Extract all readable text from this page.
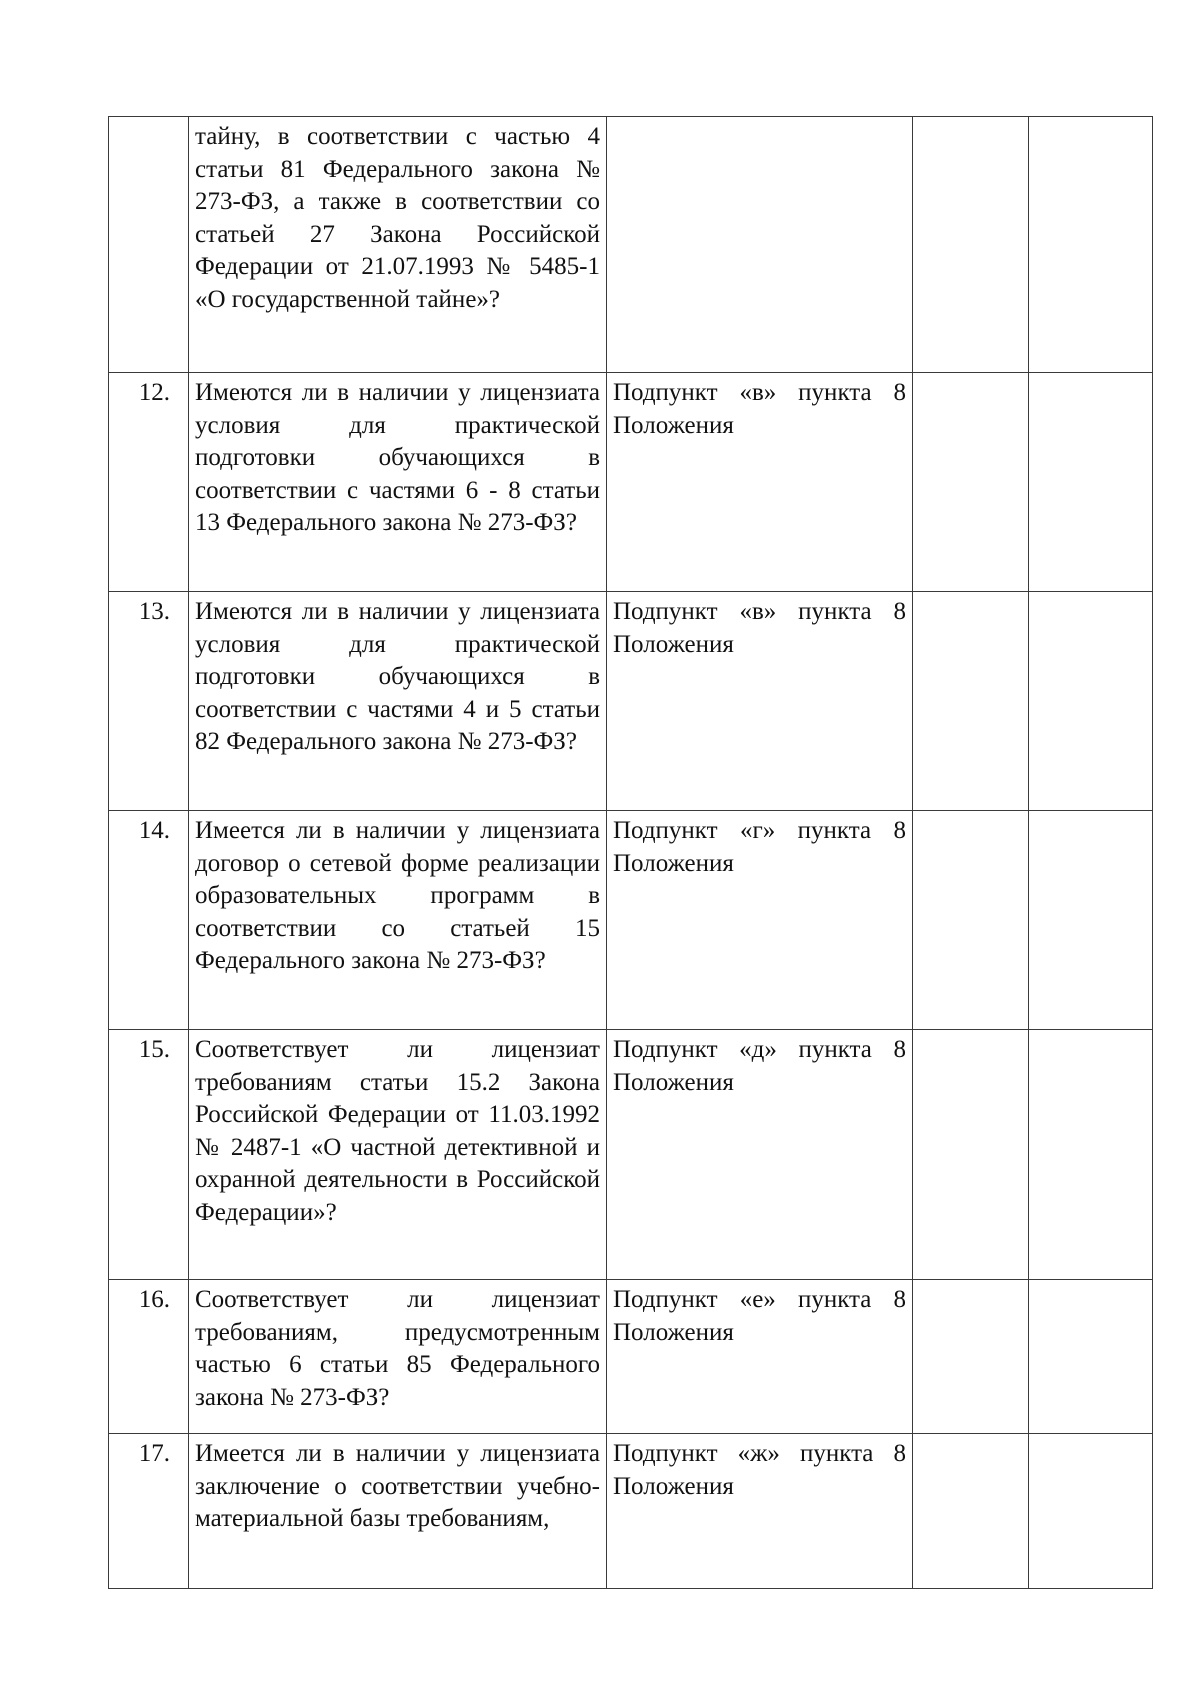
	тайну, в соответствии с частью 4 статьи 81 Федерального закона № 273-ФЗ, а также в соответствии со статьей 27 Закона Российской Федерации от 21.07.1993 № 5485-1 «О государственной тайне»?			
12.	Имеются ли в наличии у лицензиата условия для практической подготовки обучающихся в соответствии с частями 6 - 8 статьи 13 Федерального закона № 273-ФЗ?	Подпункт «в» пункта 8 Положения		
13.	Имеются ли в наличии у лицензиата условия для практической подготовки обучающихся в соответствии с частями 4 и 5 статьи 82 Федерального закона № 273-ФЗ?	Подпункт «в» пункта 8 Положения		
14.	Имеется ли в наличии у лицензиата договор о сетевой форме реализации образовательных программ в соответствии со статьей 15 Федерального закона № 273-ФЗ?	Подпункт «г» пункта 8 Положения		
15.	Соответствует ли лицензиат требованиям статьи 15.2 Закона Российской Федерации от 11.03.1992 № 2487-1 «О частной детективной и охранной деятельности в Российской Федерации»?	Подпункт «д» пункта 8 Положения		
16.	Соответствует ли лицензиат требованиям, предусмотренным частью 6 статьи 85 Федерального закона № 273-ФЗ?	Подпункт «е» пункта 8 Положения		
17.	Имеется ли в наличии у лицензиата заключение о соответствии учебно-материальной базы требованиям,	Подпункт «ж» пункта 8 Положения		
